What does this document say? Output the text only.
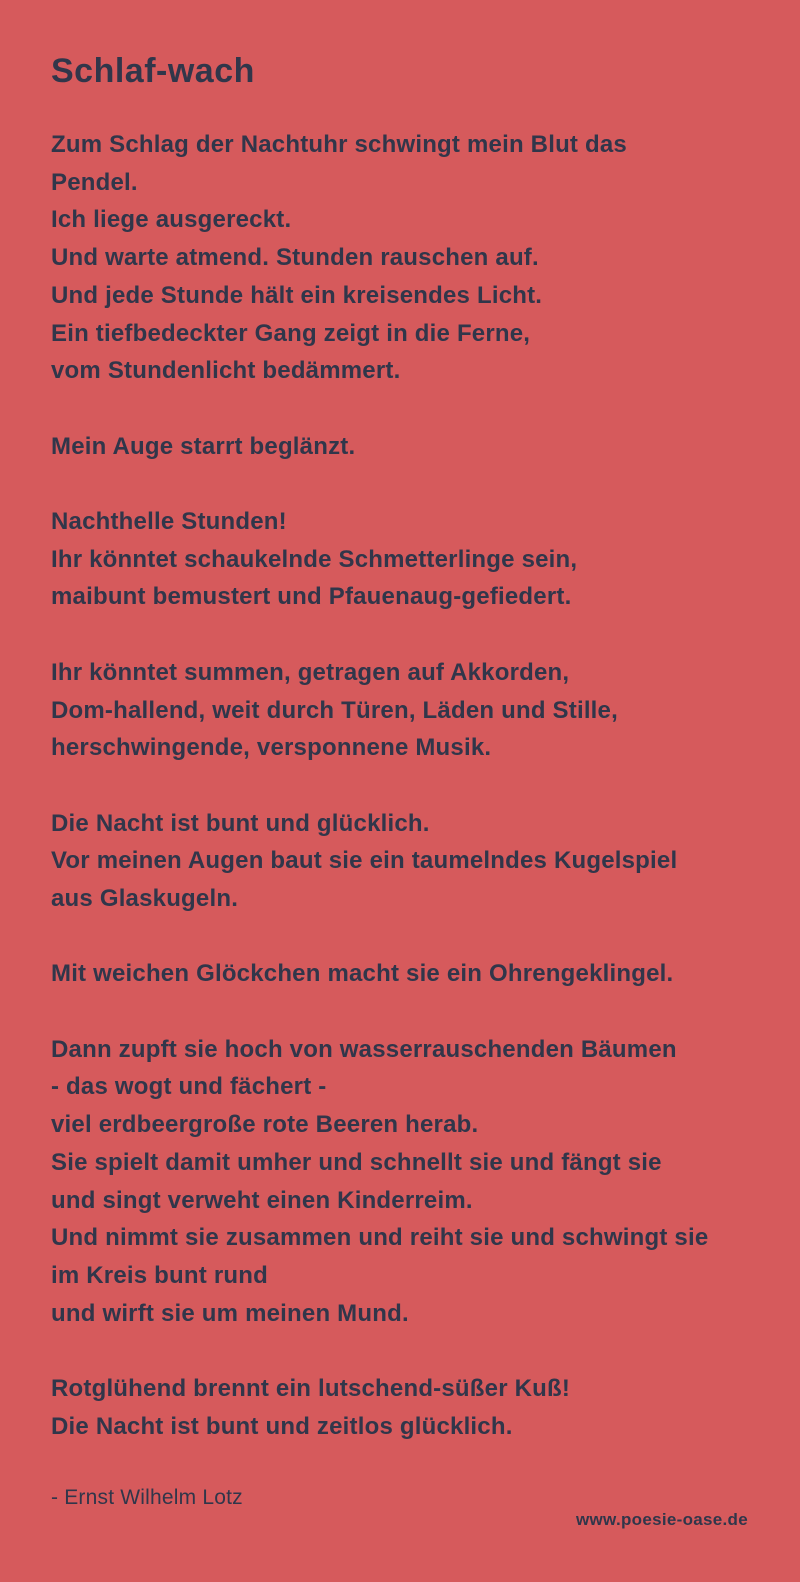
Schlaf-wach
Zum Schlag der Nachtuhr schwingt mein Blut das
Pendel.
Ich liege ausgereckt.
Und warte atmend. Stunden rauschen auf.
Und jede Stunde hält ein kreisendes Licht.
Ein tiefbedeckter Gang zeigt in die Ferne,
vom Stundenlicht bedämmert.
Mein Auge starrt beglänzt.
Nachthelle Stunden!
Ihr könntet schaukelnde Schmetterlinge sein,
maibunt bemustert und Pfauenaug-gefiedert.
Ihr könntet summen, getragen auf Akkorden,
Dom-hallend, weit durch Türen, Läden und Stille,
herschwingende, versponnene Musik.
Die Nacht ist bunt und glücklich.
Vor meinen Augen baut sie ein taumelndes Kugelspiel
aus Glaskugeln.
Mit weichen Glöckchen macht sie ein Ohrengeklingel.
Dann zupft sie hoch von wasserrauschenden Bäumen
- das wogt und fächert -
viel erdbeergroße rote Beeren herab.
Sie spielt damit umher und schnellt sie und fängt sie
und singt verweht einen Kinderreim.
Und nimmt sie zusammen und reiht sie und schwingt sie
im Kreis bunt rund
und wirft sie um meinen Mund.
Rotglühend brennt ein lutschend-süßer Kuß!
Die Nacht ist bunt und zeitlos glücklich.
- Ernst Wilhelm Lotz
www.poesie-oase.de
